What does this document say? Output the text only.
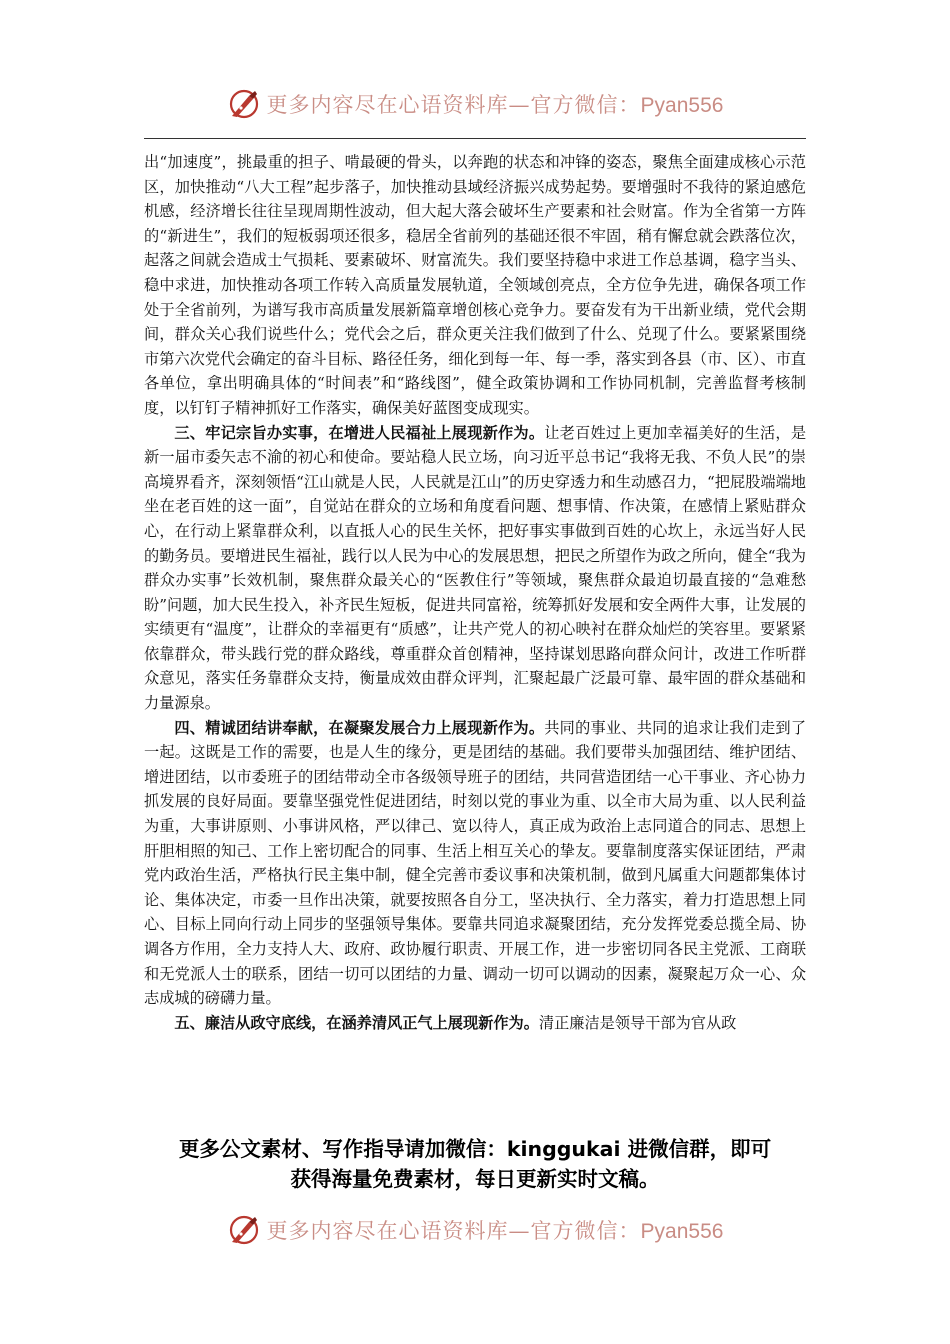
更多内容尽在心语资料库—官方微信：Pyan556

出“加速度”，挑最重的担子、啃最硬的骨头，以奔跑的状态和冲锋的姿态，聚焦全面建成核心示范区，加快推动“八大工程”起步落子，加快推动县域经济振兴成势起势。要增强时不我待的紧迫感危机感，经济增长往往呈现周期性波动，但大起大落会破坏生产要素和社会财富。作为全省第一方阵的“新进生”，我们的短板弱项还很多，稳居全省前列的基础还很不牢固，稍有懈怠就会跌落位次，起落之间就会造成士气损耗、要素破坏、财富流失。我们要坚持稳中求进工作总基调，稳字当头、稳中求进，加快推动各项工作转入高质量发展轨道，全领域创亮点，全方位争先进，确保各项工作处于全省前列，为谱写我市高质量发展新篇章增创核心竞争力。要奋发有为干出新业绩，党代会期间，群众关心我们说些什么；党代会之后，群众更关注我们做到了什么、兑现了什么。要紧紧围绕市第六次党代会确定的奋斗目标、路径任务，细化到每一年、每一季，落实到各县（市、区）、市直各单位，拿出明确具体的“时间表”和“路线图”，健全政策协调和工作协同机制，完善监督考核制度，以钉钉子精神抓好工作落实，确保美好蓝图变成现实。

三、牢记宗旨办实事，在增进人民福祉上展现新作为。让老百姓过上更加幸福美好的生活，是新一届市委矢志不渝的初心和使命。要站稳人民立场，向习近平总书记“我将无我、不负人民”的崇高境界看齐，深刻领悟“江山就是人民，人民就是江山”的历史穿透力和生动感召力，“把屁股端端地坐在老百姓的这一面”，自觉站在群众的立场和角度看问题、想事情、作决策，在感情上紧贴群众心，在行动上紧靠群众利，以直抵人心的民生关怀，把好事实事做到百姓的心坎上，永远当好人民的勤务员。要增进民生福祉，践行以人民为中心的发展思想，把民之所望作为政之所向，健全“我为群众办实事”长效机制，聚焦群众最关心的“医教住行”等领域，聚焦群众最迫切最直接的“急难愁盼”问题，加大民生投入，补齐民生短板，促进共同富裕，统筹抓好发展和安全两件大事，让发展的实绩更有“温度”，让群众的幸福更有“质感”，让共产党人的初心映衬在群众灿烂的笑容里。要紧紧依靠群众，带头践行党的群众路线，尊重群众首创精神，坚持谋划思路向群众问计，改进工作听群众意见，落实任务靠群众支持，衡量成效由群众评判，汇聚起最广泛最可靠、最牢固的群众基础和力量源泉。

四、精诚团结讲奉献，在凝聚发展合力上展现新作为。共同的事业、共同的追求让我们走到了一起。这既是工作的需要，也是人生的缘分，更是团结的基础。我们要带头加强团结、维护团结、增进团结，以市委班子的团结带动全市各级领导班子的团结，共同营造团结一心干事业、齐心协力抓发展的良好局面。要靠坚强党性促进团结，时刻以党的事业为重、以全市大局为重、以人民利益为重，大事讲原则、小事讲风格，严以律己、宽以待人，真正成为政治上志同道合的同志、思想上肝胆相照的知己、工作上密切配合的同事、生活上相互关心的挚友。要靠制度落实保证团结，严肃党内政治生活，严格执行民主集中制，健全完善市委议事和决策机制，做到凡属重大问题都集体讨论、集体决定，市委一旦作出决策，就要按照各自分工，坚决执行、全力落实，着力打造思想上同心、目标上同向行动上同步的坚强领导集体。要靠共同追求凝聚团结，充分发挥党委总揽全局、协调各方作用，全力支持人大、政府、政协履行职责、开展工作，进一步密切同各民主党派、工商联和无党派人士的联系，团结一切可以团结的力量、调动一切可以调动的因素，凝聚起万众一心、众志成城的磅礴力量。

五、廉洁从政守底线，在涵养清风正气上展现新作为。清正廉洁是领导干部为官从政

更多公文素材、写作指导请加微信：kinggukai 进微信群，即可
获得海量免费素材，每日更新实时文稿。
更多内容尽在心语资料库—官方微信：Pyan556
